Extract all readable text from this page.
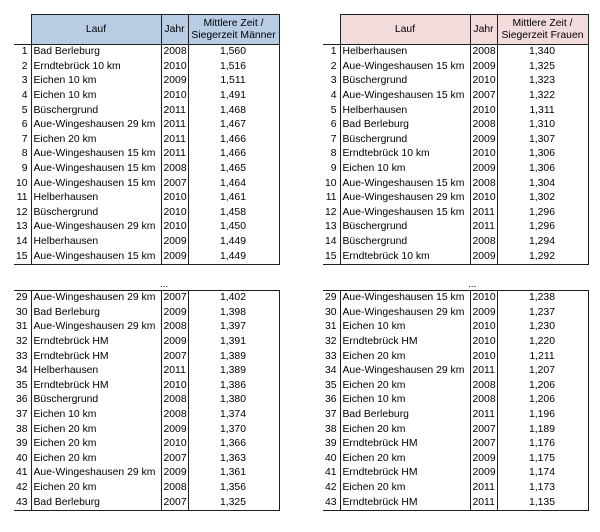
	Lauf	Jahr	Mittlere Zeit / Siegerzeit Männer
1	Bad Berleburg	2008	1,560
2	Erndtebrück 10 km	2010	1,516
3	Eichen 10 km	2009	1,511
4	Eichen 10 km	2010	1,491
5	Büschergrund	2011	1,468
6	Aue-Wingeshausen 29 km	2011	1,467
7	Eichen 20 km	2011	1,466
8	Aue-Wingeshausen 15 km	2011	1,466
9	Aue-Wingeshausen 15 km	2008	1,465
10	Aue-Wingeshausen 15 km	2007	1,464
11	Helberhausen	2010	1,461
12	Büschergrund	2010	1,458
13	Aue-Wingeshausen 29 km	2010	1,450
14	Helberhausen	2009	1,449
15	Aue-Wingeshausen 15 km	2009	1,449
...
29	Aue-Wingeshausen 29 km	2007	1,402
30	Bad Berleburg	2009	1,398
31	Aue-Wingeshausen 29 km	2008	1,397
32	Erndtebrück HM	2009	1,391
33	Erndtebrück HM	2007	1,389
34	Helberhausen	2011	1,389
35	Erndtebrück HM	2010	1,386
36	Büschergrund	2008	1,380
37	Eichen 10 km	2008	1,374
38	Eichen 20 km	2009	1,370
39	Eichen 20 km	2010	1,366
40	Eichen 20 km	2007	1,363
41	Aue-Wingeshausen 29 km	2009	1,361
42	Eichen 20 km	2008	1,356
43	Bad Berleburg	2007	1,325
	Lauf	Jahr	Mittlere Zeit / Siegerzeit Frauen
1	Helberhausen	2008	1,340
2	Aue-Wingeshausen 15 km	2009	1,325
3	Büschergrund	2010	1,323
4	Aue-Wingeshausen 15 km	2007	1,322
5	Helberhausen	2010	1,311
6	Bad Berleburg	2008	1,310
7	Büschergrund	2009	1,307
8	Erndtebrück 10 km	2010	1,306
9	Eichen 10 km	2009	1,306
10	Aue-Wingeshausen 15 km	2008	1,304
11	Aue-Wingeshausen 29 km	2010	1,302
12	Aue-Wingeshausen 15 km	2011	1,296
13	Büschergrund	2011	1,296
14	Büschergrund	2008	1,294
15	Erndtebrück 10 km	2009	1,292
...
29	Aue-Wingeshausen 15 km	2010	1,238
30	Aue-Wingeshausen 29 km	2009	1,237
31	Eichen 10 km	2010	1,230
32	Erndtebrück HM	2010	1,220
33	Eichen 20 km	2010	1,211
34	Aue-Wingeshausen 29 km	2011	1,207
35	Eichen 20 km	2008	1,206
36	Eichen 10 km	2008	1,206
37	Bad Berleburg	2011	1,196
38	Eichen 20 km	2007	1,189
39	Erndtebrück HM	2007	1,176
40	Eichen 20 km	2009	1,175
41	Erndtebrück HM	2009	1,174
42	Eichen 20 km	2011	1,173
43	Erndtebrück HM	2011	1,135
